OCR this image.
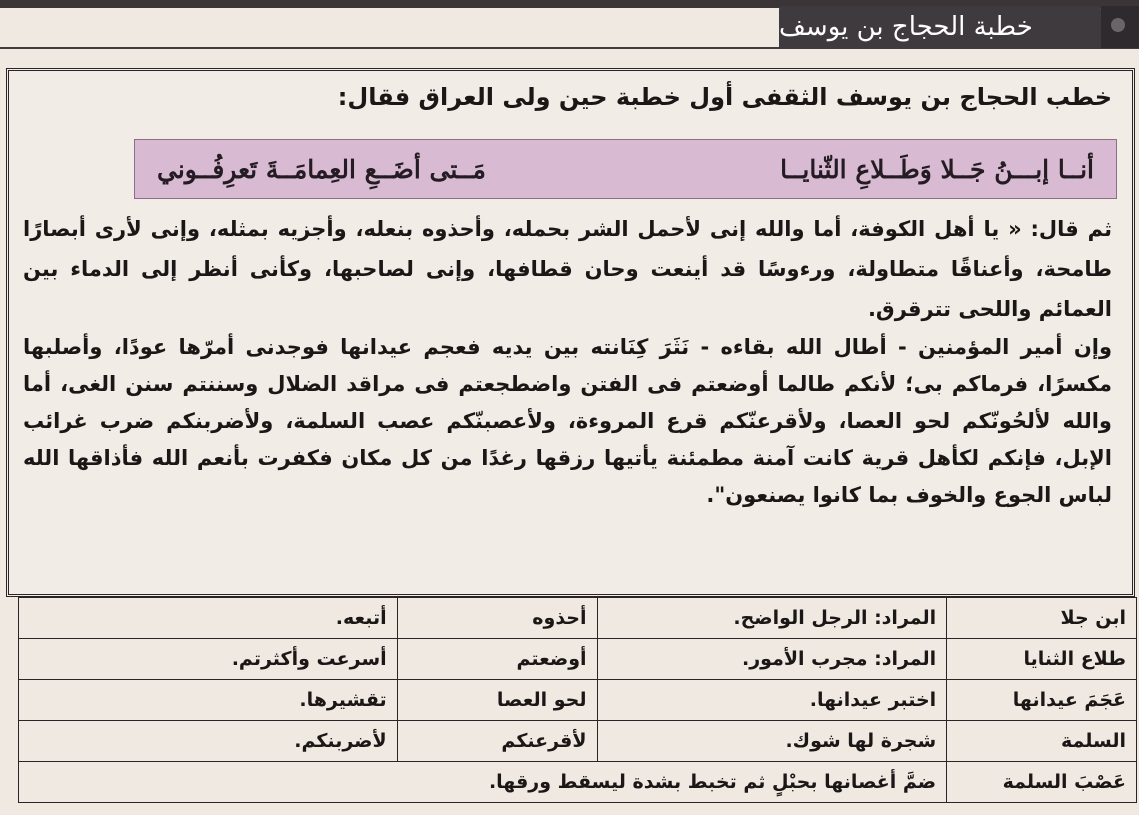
خطبة الحجاج بن يوسف
خطب الحجاج بن يوسف الثقفى أول خطبة حين ولى العراق فقال:
أنــا إبـــنُ جَــلا وَطَــلاعِ الثّنايــا
مَــتى أضَــعِ العِمامَــةَ تَعرِفُــوني
ثم قال: « يا أهل الكوفة، أما والله إنى لأحمل الشر بحمله، وأحذوه بنعله، وأجزيه بمثله، وإنى لأرى أبصارًا طامحة، وأعناقًا متطاولة، ورءوسًا قد أينعت وحان قطافها، وإنى لصاحبها، وكأنى أنظر إلى الدماء بين العمائم واللحى تترقرق.
وإن أمير المؤمنين - أطال الله بقاءه - نَثَرَ كِنَانته بين يديه فعجم عيدانها فوجدنى أمرّها عودًا، وأصلبها مكسرًا، فرماكم بى؛ لأنكم طالما أوضعتم فى الفتن واضطجعتم فى مراقد الضلال وسننتم سنن الغى، أما والله لألحُونّكم لحو العصا، ولأقرعنّكم قرع المروءة، ولأعصبنّكم عصب السلمة، ولأضربنكم ضرب غرائب الإبل، فإنكم لكأهل قرية كانت آمنة مطمئنة يأتيها رزقها رغدًا من كل مكان فكفرت بأنعم الله فأذاقها الله لباس الجوع والخوف بما كانوا يصنعون".
ابن جلا	المراد: الرجل الواضح.	أحذوه	أتبعه.
طلاع الثنايا	المراد: مجرب الأمور.	أوضعتم	أسرعت وأكثرتم.
عَجَمَ عيدانها	اختبر عيدانها.	لحو العصا	تقشيرها.
السلمة	شجرة لها شوك.	لأقرعنكم	لأضربنكم.
عَصْبَ السلمة	ضمَّ أغصانها بحبْلٍ ثم تخبط بشدة ليسقط ورقها.		
